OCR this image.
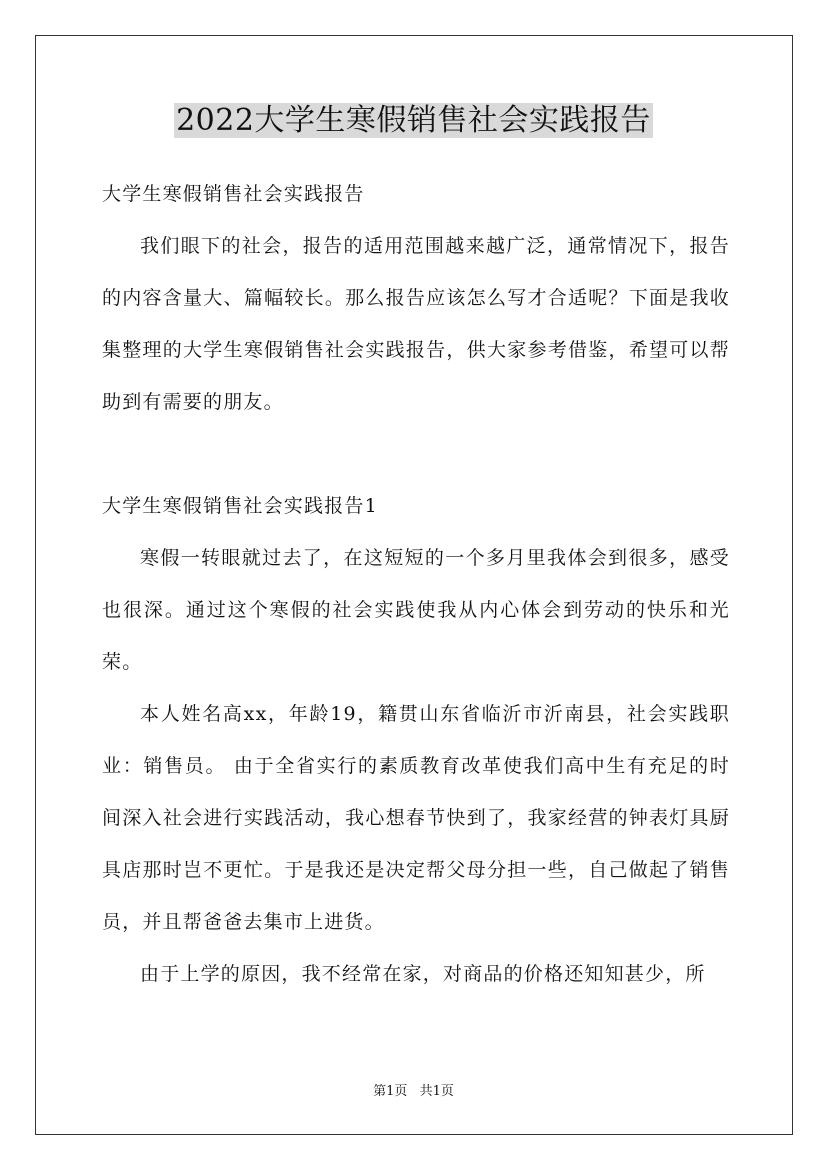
2022大学生寒假销售社会实践报告

大学生寒假销售社会实践报告

我们眼下的社会，报告的适用范围越来越广泛，通常情况下，报告的内容含量大、篇幅较长。那么报告应该怎么写才合适呢？下面是我收集整理的大学生寒假销售社会实践报告，供大家参考借鉴，希望可以帮助到有需要的朋友。

大学生寒假销售社会实践报告1

寒假一转眼就过去了，在这短短的一个多月里我体会到很多，感受也很深。通过这个寒假的社会实践使我从内心体会到劳动的快乐和光荣。

本人姓名高xx，年龄19，籍贯山东省临沂市沂南县，社会实践职业：销售员。 由于全省实行的素质教育改革使我们高中生有充足的时间深入社会进行实践活动，我心想春节快到了，我家经营的钟表灯具厨具店那时岂不更忙。于是我还是决定帮父母分担一些，自己做起了销售员，并且帮爸爸去集市上进货。

由于上学的原因，我不经常在家，对商品的价格还知知甚少，所

第1页 共1页
